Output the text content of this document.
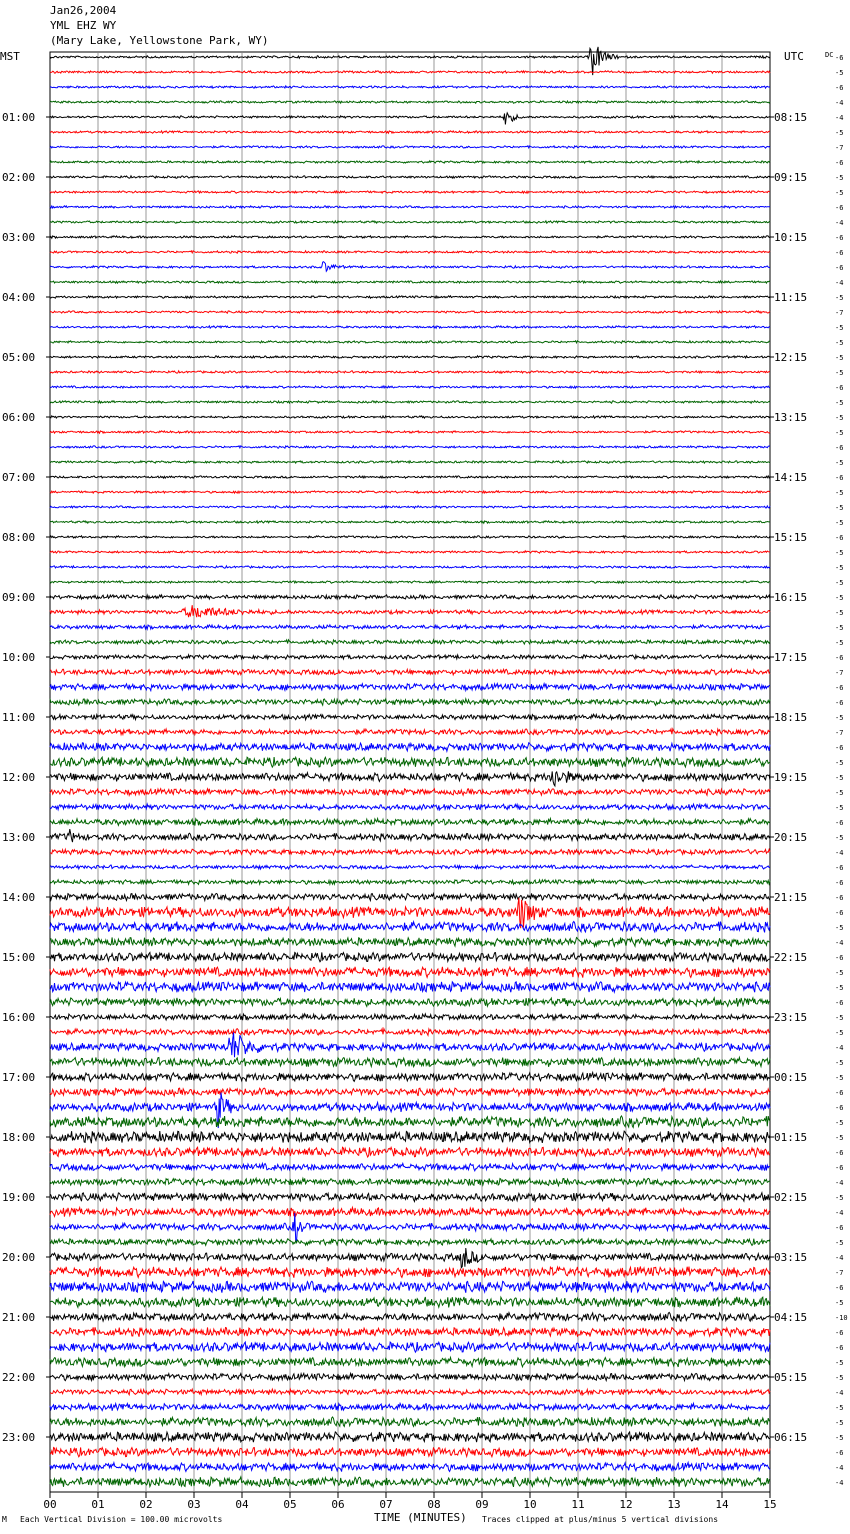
00	01	02	03	04	05	06	07	08	09	10	11	12	13	14	15
01:00
02:00
03:00
04:00
05:00
06:00
07:00
08:00
09:00
10:00
11:00
12:00
13:00
14:00
15:00
16:00
17:00
18:00
19:00
20:00
21:00
22:00
23:00
08:15
09:15
10:15
11:15
12:15
13:15
14:15
15:15
16:15
17:15
18:15
19:15
20:15
21:15
22:15
23:15
00:15
01:15
02:15
03:15
04:15
05:15
06:15
DC -6
-5
-6
-4
-4
-5
-7
-6
-5
-5
-6
-4
-6
-6
-6
-4
-5
-7
-5
-5
-5
-5
-6
-5
-5
-5
-6
-5
-6
-5
-5
-5
-6
-5
-5
-5
-5
-5
-5
-5
-6
-7
-6
-6
-5
-7
-6
-5
-5
-5
-5
-6
-5
-4
-6
-6
-6
-6
-5
-4
-6
-5
-5
-6
-5
-5
-4
-5
-5
-6
-6
-5
-5
-6
-6
-4
-5
-4
-6
-5
-4
-7
-6
-5
-10
-6
-6
-5
-5
-4
-5
-5
-5
-6
-4
-4
Jan26,2004
YML EHZ WY
(Mary Lake, Yellowstone Park, WY)
MST	UTC
M Each Vertical Division = 100.00 microvolts	TIME (MINUTES) Traces clipped at plus/minus 5 vertical divisions
